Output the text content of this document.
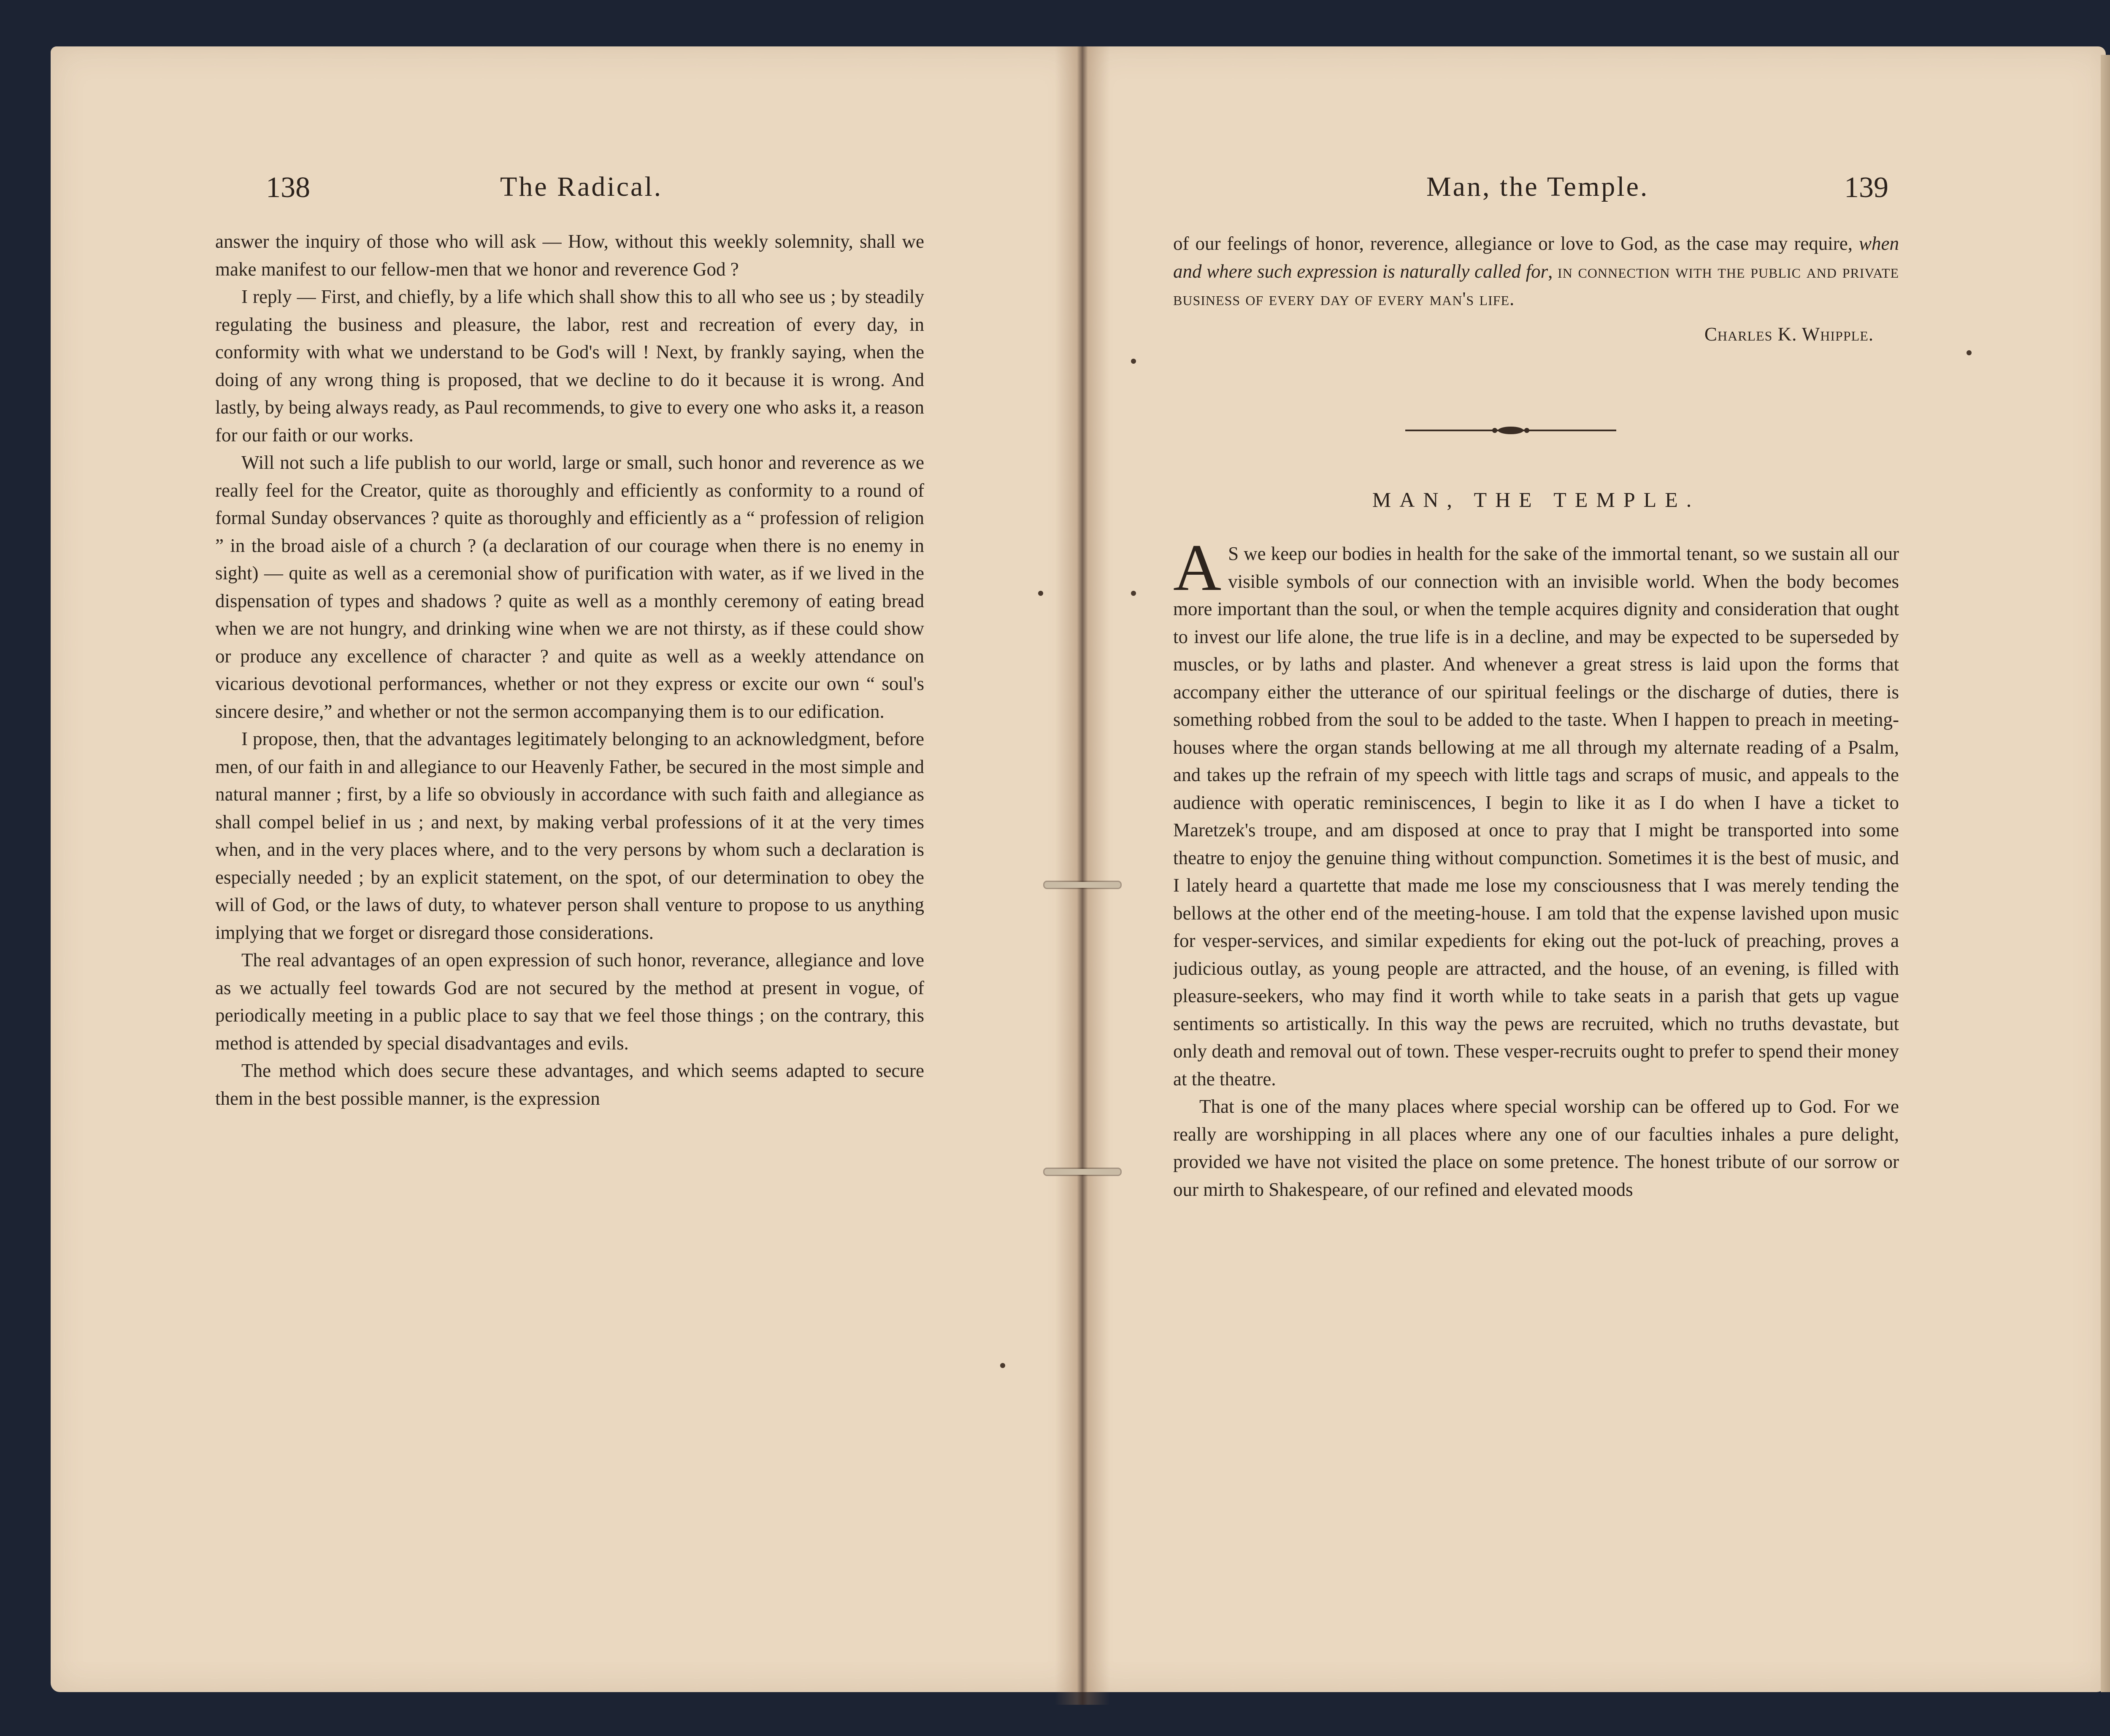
138	The Radical.

answer the inquiry of those who will ask — How, without this weekly solemnity, shall we make manifest to our fellow-men that we honor and reverence God ?

I reply — First, and chiefly, by a life which shall show this to all who see us ; by steadily regulating the business and pleasure, the labor, rest and recreation of every day, in conformity with what we understand to be God's will ! Next, by frankly saying, when the doing of any wrong thing is proposed, that we decline to do it because it is wrong. And lastly, by being always ready, as Paul recommends, to give to every one who asks it, a reason for our faith or our works.

Will not such a life publish to our world, large or small, such honor and reverence as we really feel for the Creator, quite as thoroughly and efficiently as conformity to a round of formal Sunday observances ? quite as thoroughly and efficiently as a “ profession of religion ” in the broad aisle of a church ? (a declaration of our courage when there is no enemy in sight) — quite as well as a ceremonial show of purification with water, as if we lived in the dispensation of types and shadows ? quite as well as a monthly ceremony of eating bread when we are not hungry, and drinking wine when we are not thirsty, as if these could show or produce any excellence of character ? and quite as well as a weekly attendance on vicarious devotional performances, whether or not they express or excite our own “ soul's sincere desire,” and whether or not the sermon accompanying them is to our edification.

I propose, then, that the advantages legitimately belonging to an acknowledgment, before men, of our faith in and allegiance to our Heavenly Father, be secured in the most simple and natural manner ; first, by a life so obviously in accordance with such faith and allegiance as shall compel belief in us ; and next, by making verbal professions of it at the very times when, and in the very places where, and to the very persons by whom such a declaration is especially needed ; by an explicit statement, on the spot, of our determination to obey the will of God, or the laws of duty, to whatever person shall venture to propose to us anything implying that we forget or disregard those considerations.

The real advantages of an open expression of such honor, reverance, allegiance and love as we actually feel towards God are not secured by the method at present in vogue, of periodically meeting in a public place to say that we feel those things ; on the contrary, this method is attended by special disadvantages and evils.

The method which does secure these advantages, and which seems adapted to secure them in the best possible manner, is the expression

Man, the Temple.	139

of our feelings of honor, reverence, allegiance or love to God, as the case may require, when and where such expression is naturally called for, in connection with the public and private business of every day of every man's life.

Charles K. Whipple.

MAN, THE TEMPLE.

A S we keep our bodies in health for the sake of the immortal tenant, so we sustain all our visible symbols of our connection with an invisible world. When the body becomes more important than the soul, or when the temple acquires dignity and consideration that ought to invest our life alone, the true life is in a decline, and may be expected to be superseded by muscles, or by laths and plaster. And whenever a great stress is laid upon the forms that accompany either the utterance of our spiritual feelings or the discharge of duties, there is something robbed from the soul to be added to the taste. When I happen to preach in meeting-houses where the organ stands bellowing at me all through my alternate reading of a Psalm, and takes up the refrain of my speech with little tags and scraps of music, and appeals to the audience with operatic reminiscences, I begin to like it as I do when I have a ticket to Maretzek's troupe, and am disposed at once to pray that I might be transported into some theatre to enjoy the genuine thing without compunction. Sometimes it is the best of music, and I lately heard a quartette that made me lose my consciousness that I was merely tending the bellows at the other end of the meeting-house. I am told that the expense lavished upon music for vesper-services, and similar expedients for eking out the pot-luck of preaching, proves a judicious outlay, as young people are attracted, and the house, of an evening, is filled with pleasure-seekers, who may find it worth while to take seats in a parish that gets up vague sentiments so artistically. In this way the pews are recruited, which no truths devastate, but only death and removal out of town. These vesper-recruits ought to prefer to spend their money at the theatre.

That is one of the many places where special worship can be offered up to God. For we really are worshipping in all places where any one of our faculties inhales a pure delight, provided we have not visited the place on some pretence. The honest tribute of our sorrow or our mirth to Shakespeare, of our refined and elevated moods
